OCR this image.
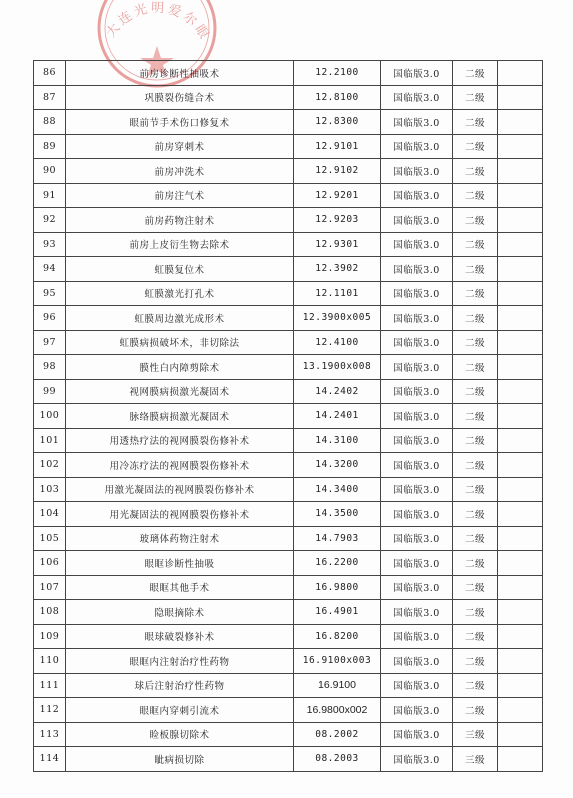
大连光明爱尔眼
86	前房诊断性抽吸术	12.2100	国临版3.0	二级	
87	巩膜裂伤缝合术	12.8100	国临版3.0	二级	
88	眼前节手术伤口修复术	12.8300	国临版3.0	二级	
89	前房穿刺术	12.9101	国临版3.0	二级	
90	前房冲洗术	12.9102	国临版3.0	二级	
91	前房注气术	12.9201	国临版3.0	二级	
92	前房药物注射术	12.9203	国临版3.0	二级	
93	前房上皮衍生物去除术	12.9301	国临版3.0	二级	
94	虹膜复位术	12.3902	国临版3.0	二级	
95	虹膜激光打孔术	12.1101	国临版3.0	二级	
96	虹膜周边激光成形术	12.3900x005	国临版3.0	二级	
97	虹膜病损破坏术，非切除法	12.4100	国临版3.0	二级	
98	膜性白内障剪除术	13.1900x008	国临版3.0	二级	
99	视网膜病损激光凝固术	14.2402	国临版3.0	二级	
100	脉络膜病损激光凝固术	14.2401	国临版3.0	二级	
101	用透热疗法的视网膜裂伤修补术	14.3100	国临版3.0	二级	
102	用冷冻疗法的视网膜裂伤修补术	14.3200	国临版3.0	二级	
103	用激光凝固法的视网膜裂伤修补术	14.3400	国临版3.0	二级	
104	用光凝固法的视网膜裂伤修补术	14.3500	国临版3.0	二级	
105	玻璃体药物注射术	14.7903	国临版3.0	二级	
106	眼眶诊断性抽吸	16.2200	国临版3.0	二级	
107	眼眶其他手术	16.9800	国临版3.0	二级	
108	隐眼摘除术	16.4901	国临版3.0	二级	
109	眼球破裂修补术	16.8200	国临版3.0	二级	
110	眼眶内注射治疗性药物	16.9100x003	国临版3.0	二级	
111	球后注射治疗性药物	16.9100	国临版3.0	二级	
112	眼眶内穿刺引流术	16.9800x002	国临版3.0	二级	
113	睑板腺切除术	08.2002	国临版3.0	三级	
114	眦病损切除	08.2003	国临版3.0	三级	
